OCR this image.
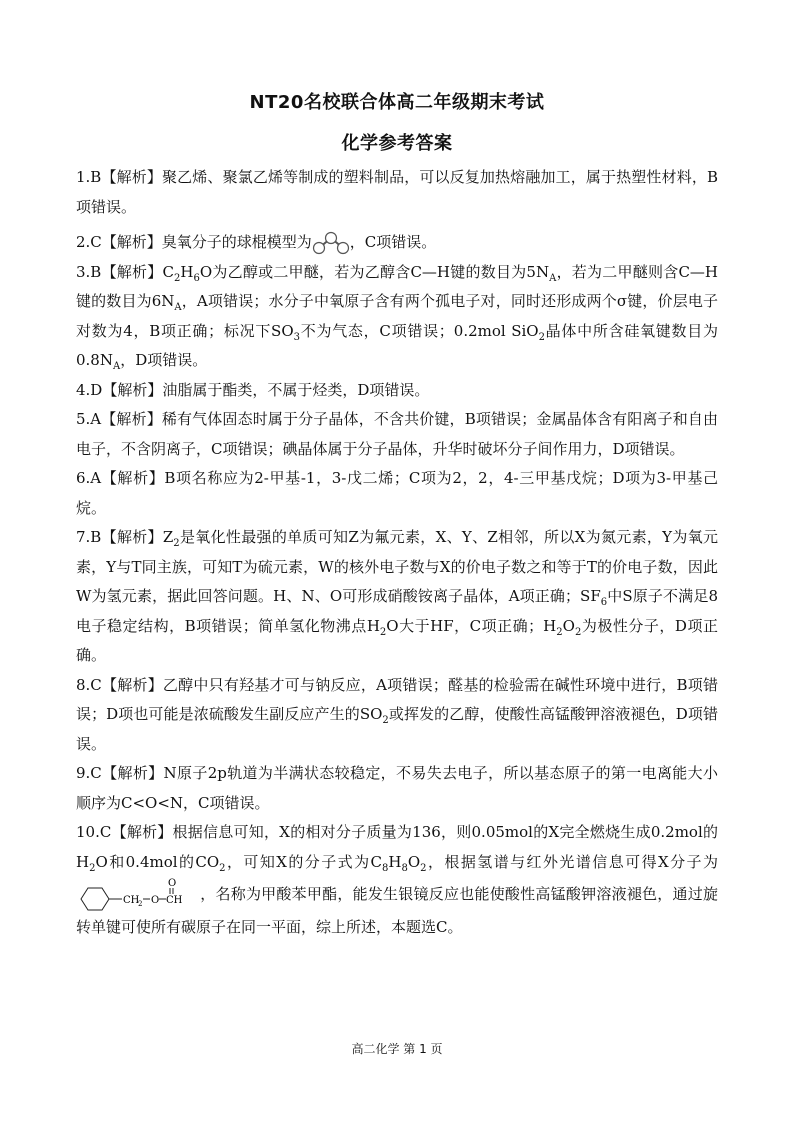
NT20名校联合体高二年级期末考试
化学参考答案

1.B【解析】聚乙烯、聚氯乙烯等制成的塑料制品，可以反复加热熔融加工，属于热塑性材料，B项错误。

2.C【解析】臭氧分子的球棍模型为	，C项错误。

3.B【解析】$C_2H_6O$为乙醇或二甲醚，若为乙醇含C—H键的数目为$5N_A$，若为二甲醚则含C—H键的数目为$6N_A$，A项错误；水分子中氧原子含有两个孤电子对，同时还形成两个σ键，价层电子对数为4，B项正确；标况下$SO_3$不为气态，C项错误；0.2mol SiO$_2$晶体中所含硅氧键数目为$0.8N_A$，D项错误。

4.D【解析】油脂属于酯类，不属于烃类，D项错误。

5.A【解析】稀有气体固态时属于分子晶体，不含共价键，B项错误；金属晶体含有阳离子和自由电子，不含阴离子，C项错误；碘晶体属于分子晶体，升华时破坏分子间作用力，D项错误。

6.A【解析】B项名称应为2-甲基-1，3-戊二烯；C项为2，2，4-三甲基戊烷；D项为3-甲基己烷。

7.B【解析】$Z_2$是氧化性最强的单质可知Z为氟元素，X、Y、Z相邻，所以X为氮元素，Y为氧元素，Y与T同主族，可知T为硫元素，W的核外电子数与X的价电子数之和等于T的价电子数，因此W为氢元素，据此回答问题。H、N、O可形成硝酸铵离子晶体，A项正确；$SF_6$中S原子不满足8电子稳定结构，B项错误；简单氢化物沸点$H_2O$大于HF，C项正确；$H_2O_2$为极性分子，D项正确。

8.C【解析】乙醇中只有羟基才可与钠反应，A项错误；醛基的检验需在碱性环境中进行，B项错误；D项也可能是浓硫酸发生副反应产生的$SO_2$或挥发的乙醇，使酸性高锰酸钾溶液褪色，D项错误。

9.C【解析】N原子2p轨道为半满状态较稳定，不易失去电子，所以基态原子的第一电离能大小顺序为C<O<N，C项错误。

10.C【解析】根据信息可知，X的相对分子质量为136，则0.05mol的X完全燃烧生成0.2mol的$H_2O$和0.4mol的$CO_2$，可知X的分子式为$C_8H_8O_2$，根据氢谱与红外光谱信息可得X分子为
CH
2 O
O
CH ，名称为甲酸苯甲酯，能发生银镜反应也能使酸性高锰酸钾溶液褪色，通过旋转单键可使所有碳原子在同一平面，综上所述，本题选C。

高二化学 第 1 页
